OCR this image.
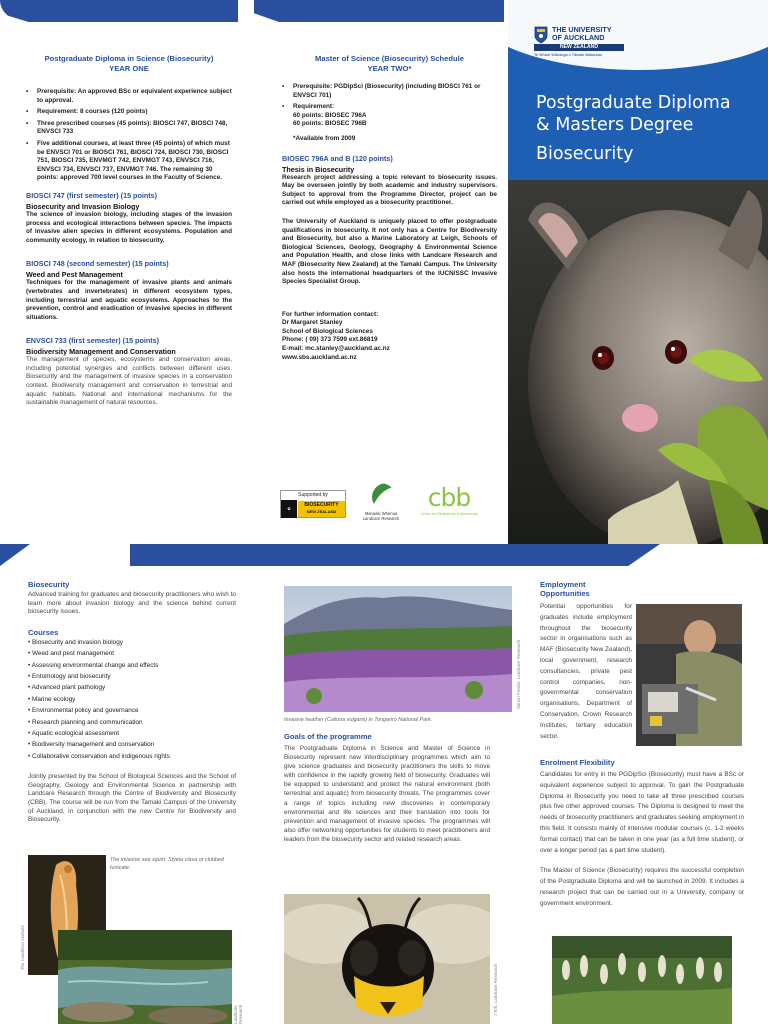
Postgraduate Diploma in Science (Biosecurity)
YEAR ONE
• Prerequisite: An approved BSc or equivalent experience subject to approval.
• Requirement: 8 courses (120 points)
• Three prescribed courses (45 points): BIOSCI 747, BIOSCI 748, ENVSCI 733
• Five additional courses, at least three (45 points) of which must be ENVSCI 701 or BIOSCI 761, BIOSCI 724, BIOSCI 730, BIOSCI 751, BIOSCI 735, ENVMGT 742, ENVMGT 743, ENVSCI 716, ENVSCI 734, ENVSCI 737, ENVMGT 746. The remaining 30 points: approved 700 level courses in the Faculty of Science.
BIOSCI 747 (first semester) (15 points)
Biosecurity and Invasion Biology

The science of invasion biology, including stages of the invasion process and ecological interactions between species. The impacts of invasive alien species in different ecosystems. Population and community ecology, in relation to biosecurity.

BIOSCI 748 (second semester) (15 points)
Weed and Pest Management

Techniques for the management of invasive plants and animals (vertebrates and invertebrates) in different ecosystem types, including terrestrial and aquatic ecosystems. Approaches to the prevention, control and eradication of invasive species in different situations.

ENVSCI 733 (first semester) (15 points)
Biodiversity Management and Conservation

The management of species, ecosystems and conservation areas, including potential synergies and conflicts between different uses. Biosecurity and the management of invasive species in a conservation context. Biodiversity management and conservation in terrestrial and aquatic habitats. National and international mechanisms for the sustainable management of natural resources.

Master of Science (Biosecurity) Schedule
YEAR TWO*
• Prerequisite: PGDipSci (Biosecurity) (including BIOSCI 761 or ENVSCI 701)
• Requirement:
60 points: BIOSEC 796A
60 points: BIOSEC 796B
*Available from 2009
BIOSEC 796A and B (120 points)
Thesis in Biosecurity

Research project addressing a topic relevant to biosecurity issues. May be overseen jointly by both academic and industry supervisors. Subject to approval from the Programme Director, project can be carried out while employed as a biosecurity practitioner.

The University of Auckland is uniquely placed to offer postgraduate qualifications in biosecurity. It not only has a Centre for Biodiversity and Biosecurity, but also a Marine Laboratory at Leigh, Schools of Biological Sciences, Geology, Geography & Environmental Science and Population Health, and close links with Landcare Research and MAF (Biosecurity New Zealand) at the Tamaki Campus. The University also hosts the international headquarters of the IUCN/SSC Invasive Species Specialist Group.

For further information contact:
Dr Margaret Stanley
School of Biological Sciences
Phone: ( 09) 373 7599 ext.86819
E-mail: mc.stanley@auckland.ac.nz
www.sbs.auckland.ac.nz
Supported by
✿
BIOSECURITY
NEW ZEALAND	Manaaki Whenua
Landcare Research
cbb
Centre for Biodiversity & Biosecurity
THE UNIVERSITY
OF AUCKLAND
NEW ZEALAND
Te Whare Wānanga o Tāmaki Makaurau
Postgraduate Diploma
& Masters Degree
Biosecurity
Biosecurity

Advanced training for graduates and biosecurity practitioners who wish to learn more about invasion biology and the science behind current biosecurity issues.

Courses
• Biosecurity and invasion biology
• Weed and pest management
• Assessing environmental change and effects
• Entomology and biosecurity
• Advanced plant pathology
• Marine ecology
• Environmental policy and governance
• Research planning and communication
• Aquatic ecological assessment
• Biodiversity management and conservation
• Collaborative conservation and indigenous rights

Jointly presented by the School of Biological Sciences and the School of Geography, Geology and Environmental Science in partnership with Landcare Research through the Centre of Biodiversity and Biosecurity (CBB). The course will be run from the Tamaki Campus of the University of Auckland, in conjunction with the new Centre for Biodiversity and Biosecurity.

The Cawthron Institute
The invasive sea squirt, Styela clava or clubbed tunicate.
Landcare Research
Simon Fowler, Landcare Research
Invasive heather (Calluna vulgaris) in Tongariro National Park.
Goals of the programme

The Postgraduate Diploma in Science and Master of Science in Biosecurity represent new interdisciplinary programmes which aim to give science graduates and biosecurity practitioners the skills to move with confidence in the rapidly growing field of biosecurity. Graduates will be equipped to understand and protect the natural environment (both terrestrial and aquatic) from biosecurity threats. The programmes cover a range of topics including new discoveries in contemporary environmental and life sciences and their translation into tools for prevention and management of invasive species. The programmes will also offer networking opportunities for students to meet practitioners and leaders from the biosecurity sector and related research areas.

J Toft, Landcare Research
Employment
Opportunities

Potential opportunities for graduates include employment throughout the biosecurity sector in organisations such as MAF (Biosecurity New Zealand), local government, research consultancies, private pest control companies, non-governmental conservation organisations, Department of Conservation, Crown Research Institutes, tertiary education sector.

Enrolment Flexibility

Candidates for entry in the PGDipSci (Biosecurity) must have a BSc or equivalent experience subject to approval. To gain the Postgraduate Diploma in Biosecurity you need to take all three prescribed courses plus five other approved courses. The Diploma is designed to meet the needs of biosecurity practitioners and graduates seeking employment in this field. It consists mainly of intensive modular courses (c. 1-2 weeks formal contact) that can be taken in one year (as a full time student), or over a longer period (as a part time student).

The Master of Science (Biosecurity) requires the successful completion of the Postgraduate Diploma and will be launched in 2009. It includes a research project that can be carried out in a University, company or government environment.
